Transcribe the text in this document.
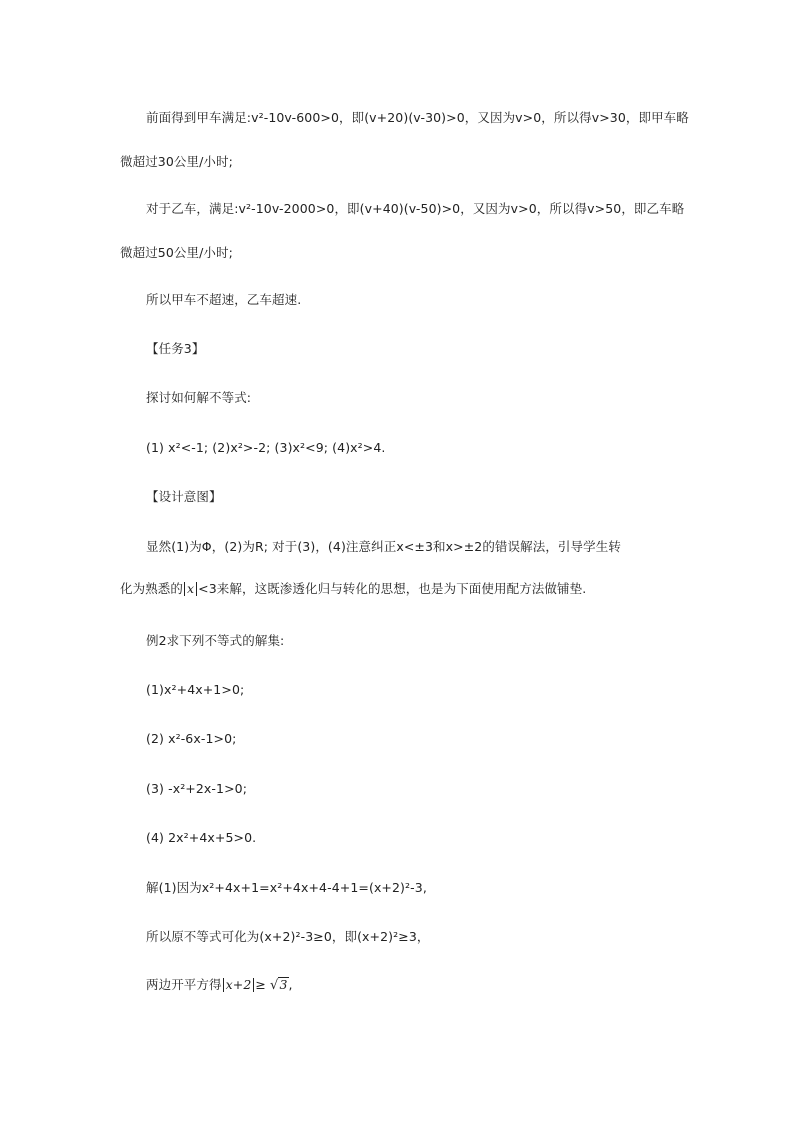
前面得到甲车满足:v²-10v-600>0，即(v+20)(v-30)>0，又因为v>0，所以得v>30，即甲车略
微超过30公里/小时;
对于乙车，满足:v²-10v-2000>0，即(v+40)(v-50)>0，又因为v>0，所以得v>50，即乙车略
微超过50公里/小时;
所以甲车不超速，乙车超速.
【任务3】
探讨如何解不等式:
(1) x²<-1; (2)x²>-2; (3)x²<9; (4)x²>4.
【设计意图】
显然(1)为Φ，(2)为R; 对于(3)，(4)注意纠正x<±3和x>±2的错误解法，引导学生转
化为熟悉的 x <3来解，这既渗透化归与转化的思想，也是为下面使用配方法做铺垫.
例2求下列不等式的解集:
(1)x²+4x+1>0;
(2) x²-6x-1>0;
(3) -x²+2x-1>0;
(4) 2x²+4x+5>0.
解(1)因为x²+4x+1=x²+4x+4-4+1=(x+2)²-3,
所以原不等式可化为(x+2)²-3≥0，即(x+2)²≥3，
两边开平方得 x+2 ≥ √3,
